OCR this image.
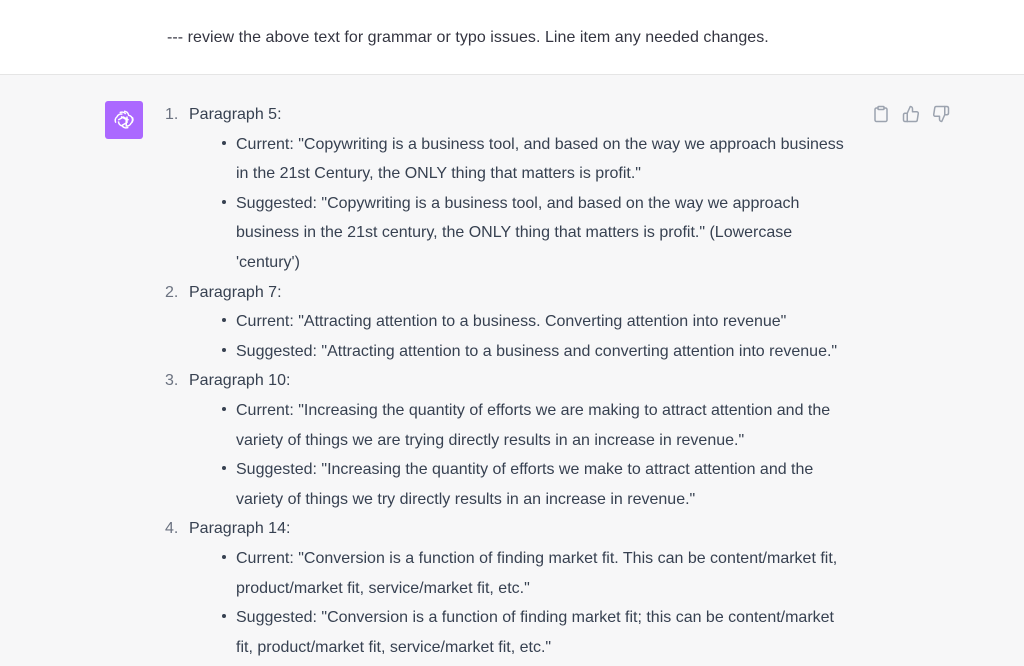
--- review the above text for grammar or typo issues. Line item any needed changes.
1. Paragraph 5:
Current: "Copywriting is a business tool, and based on the way we approach business in the 21st Century, the ONLY thing that matters is profit."
Suggested: "Copywriting is a business tool, and based on the way we approach business in the 21st century, the ONLY thing that matters is profit." (Lowercase 'century')
2. Paragraph 7:
Current: "Attracting attention to a business. Converting attention into revenue"
Suggested: "Attracting attention to a business and converting attention into revenue."
3. Paragraph 10:
Current: "Increasing the quantity of efforts we are making to attract attention and the variety of things we are trying directly results in an increase in revenue."
Suggested: "Increasing the quantity of efforts we make to attract attention and the variety of things we try directly results in an increase in revenue."
4. Paragraph 14:
Current: "Conversion is a function of finding market fit. This can be content/market fit, product/market fit, service/market fit, etc."
Suggested: "Conversion is a function of finding market fit; this can be content/market fit, product/market fit, service/market fit, etc."
